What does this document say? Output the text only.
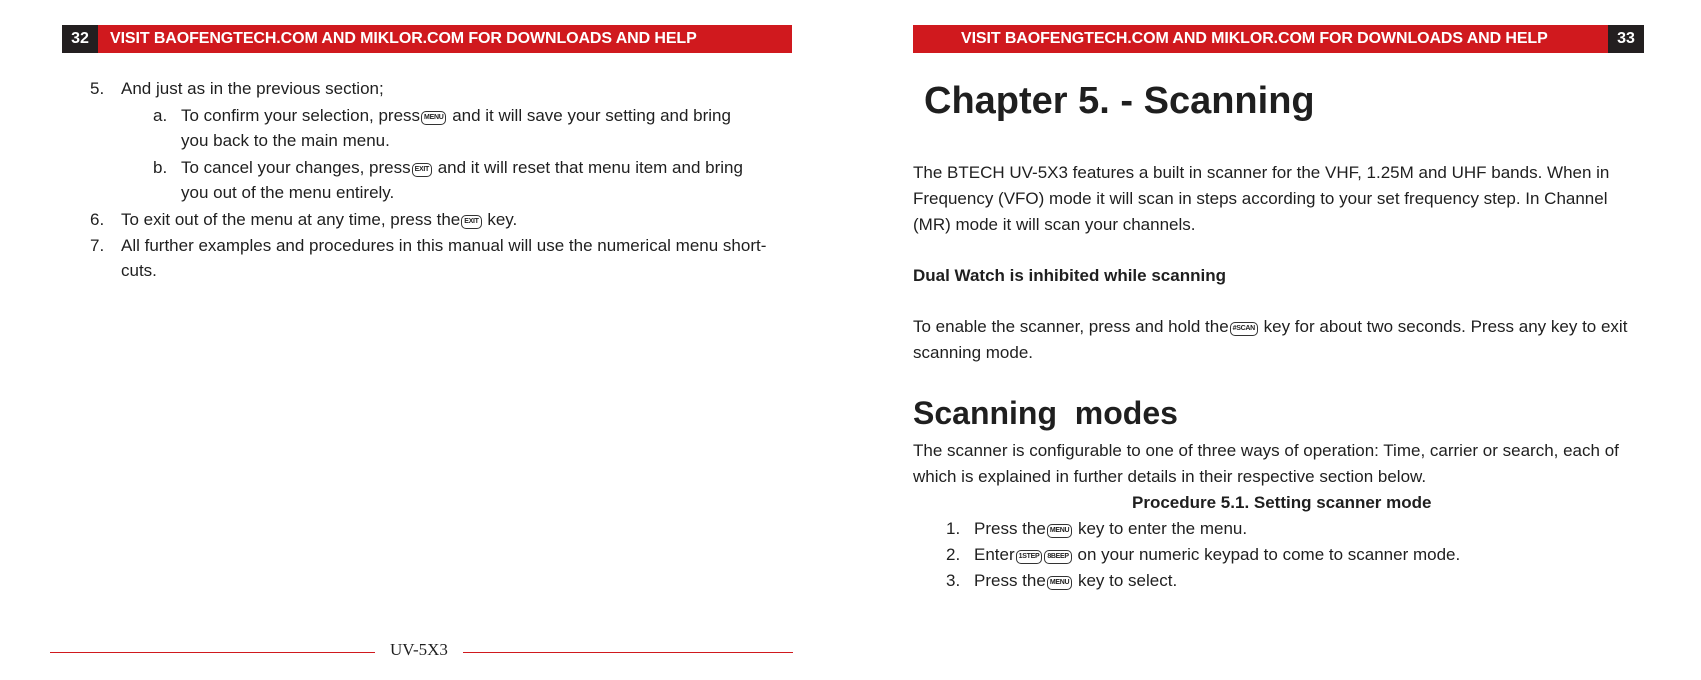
32	VISIT BAOFENGTECH.COM AND MIKLOR.COM FOR DOWNLOADS AND HELP
5. And just as in the previous section;
a. To confirm your selection, press MENU and it will save your setting and bring
you back to the main menu.
b. To cancel your changes, press EXIT and it will reset that menu item and bring
you out of the menu entirely.
6. To exit out of the menu at any time, press the EXIT key.
7. All further examples and procedures in this manual will use the numerical menu short-
cuts.
UV-5X3
VISIT BAOFENGTECH.COM AND MIKLOR.COM FOR DOWNLOADS AND HELP	33
Chapter 5. - Scanning
The BTECH UV-5X3 features a built in scanner for the VHF, 1.25M and UHF bands. When in
Frequency (VFO) mode it will scan in steps according to your set frequency step. In Channel
(MR) mode it will scan your channels.
Dual Watch is inhibited while scanning
To enable the scanner, press and hold the #SCAN key for about two seconds. Press any key to exit
scanning mode.
Scanning  modes
The scanner is configurable to one of three ways of operation: Time, carrier or search, each of
which is explained in further details in their respective section below.
Procedure 5.1. Setting scanner mode
1. Press the MENU key to enter the menu.
2. Enter 1STEP 8BEEP on your numeric keypad to come to scanner mode.
3. Press the MENU key to select.
